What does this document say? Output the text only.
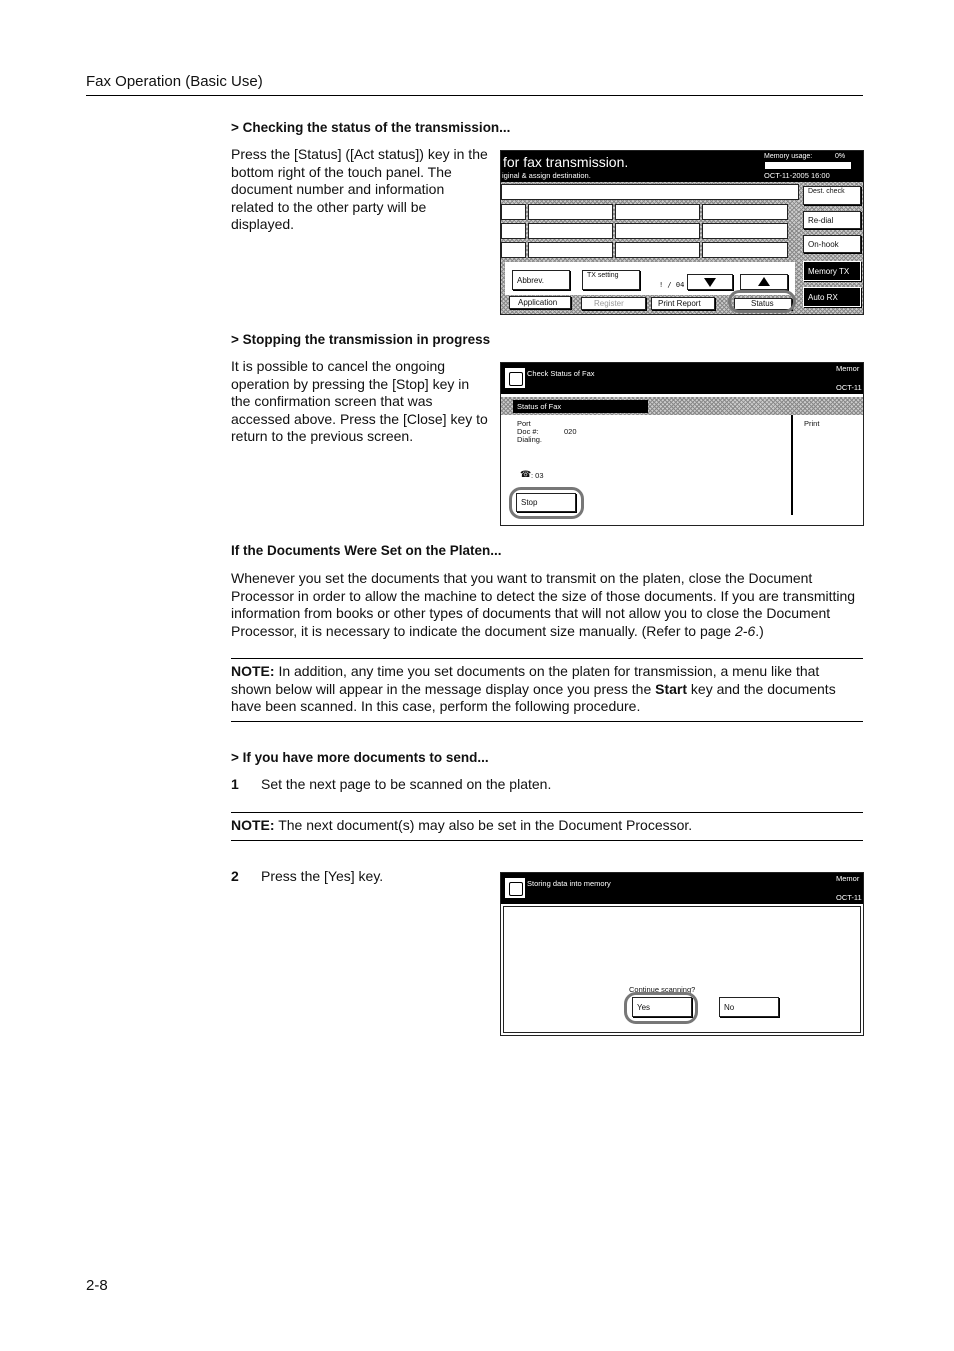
Fax Operation (Basic Use)
> Checking the status of the transmission...
Press the [Status] ([Act status]) key in the bottom right of the touch panel. The document number and information related to the other party will be displayed.
for fax transmission.
iginal & assign destination.
Memory usage:	0%
OCT-11-2005 16:00
Abbrev.
TX setting
! / 04
Application	Register	Print Report	Status
Dest. check
Re-dial
On-hook
Memory TX
Auto RX
> Stopping the transmission in progress
It is possible to cancel the ongoing operation by pressing the [Stop] key in the confirmation screen that was accessed above. Press the [Close] key to return to the previous screen.
Check Status of Fax
Memor
OCT-11
Status of Fax
Port
Doc #:	020
Dialing.
☎ : 03
Print
Stop
If the Documents Were Set on the Platen...
Whenever you set the documents that you want to transmit on the platen, close the Document Processor in order to allow the machine to detect the size of those documents. If you are transmitting information from books or other types of documents that will not allow you to close the Document Processor, it is necessary to indicate the document size manually. (Refer to page 2-6.)
NOTE: In addition, any time you set documents on the platen for transmission, a menu like that shown below will appear in the message display once you press the Start key and the documents have been scanned. In this case, perform the following procedure.
> If you have more documents to send...
1 Set the next page to be scanned on the platen.
NOTE: The next document(s) may also be set in the Document Processor.
2 Press the [Yes] key.	Storing data into memory
Memor
OCT-11
Continue scanning?
Yes	No
2-8
